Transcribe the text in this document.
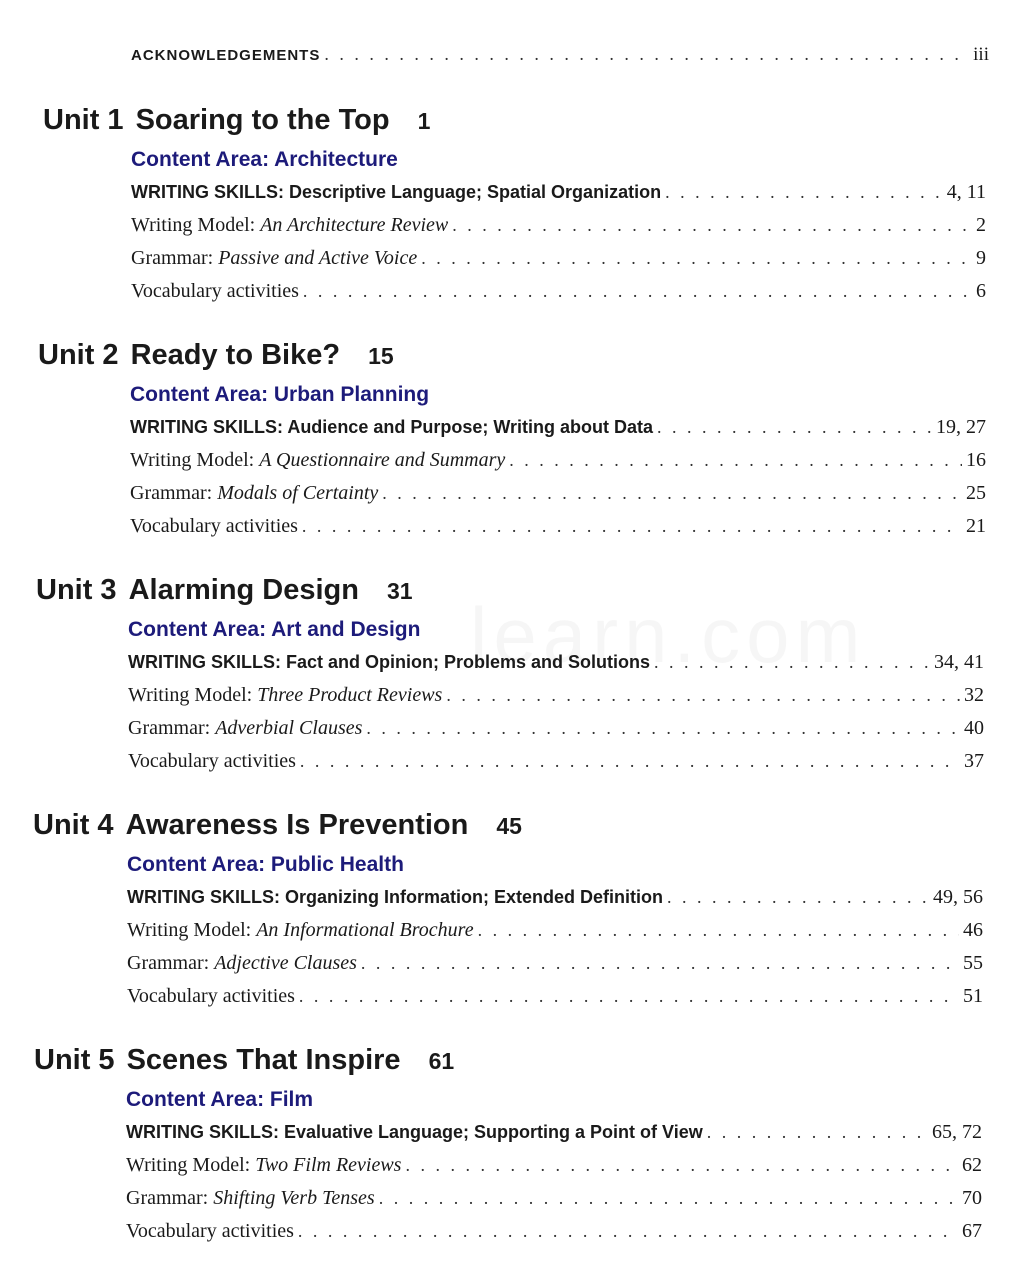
ACKNOWLEDGEMENTS . . .	iii
Unit 1 Soaring to the Top 1
Content Area: Architecture
WRITING SKILLS: Descriptive Language; Spatial Organization . . .	4, 11
Writing Model: An Architecture Review . . .	2
Grammar: Passive and Active Voice . . .	9
Vocabulary activities . . .	6
Unit 2 Ready to Bike? 15
Content Area: Urban Planning
WRITING SKILLS: Audience and Purpose; Writing about Data . . .	19, 27
Writing Model: A Questionnaire and Summary . . .	16
Grammar: Modals of Certainty . . .	25
Vocabulary activities . . .	21
Unit 3 Alarming Design 31
Content Area: Art and Design
WRITING SKILLS: Fact and Opinion; Problems and Solutions . . .	34, 41
Writing Model: Three Product Reviews . . .	32
Grammar: Adverbial Clauses . . .	40
Vocabulary activities . . .	37
Unit 4 Awareness Is Prevention 45
Content Area: Public Health
WRITING SKILLS: Organizing Information; Extended Definition . . .	49, 56
Writing Model: An Informational Brochure . . .	46
Grammar: Adjective Clauses . . .	55
Vocabulary activities . . .	51
Unit 5 Scenes That Inspire 61
Content Area: Film
WRITING SKILLS: Evaluative Language; Supporting a Point of View . . .	65, 72
Writing Model: Two Film Reviews . . .	62
Grammar: Shifting Verb Tenses . . .	70
Vocabulary activities . . .	67
